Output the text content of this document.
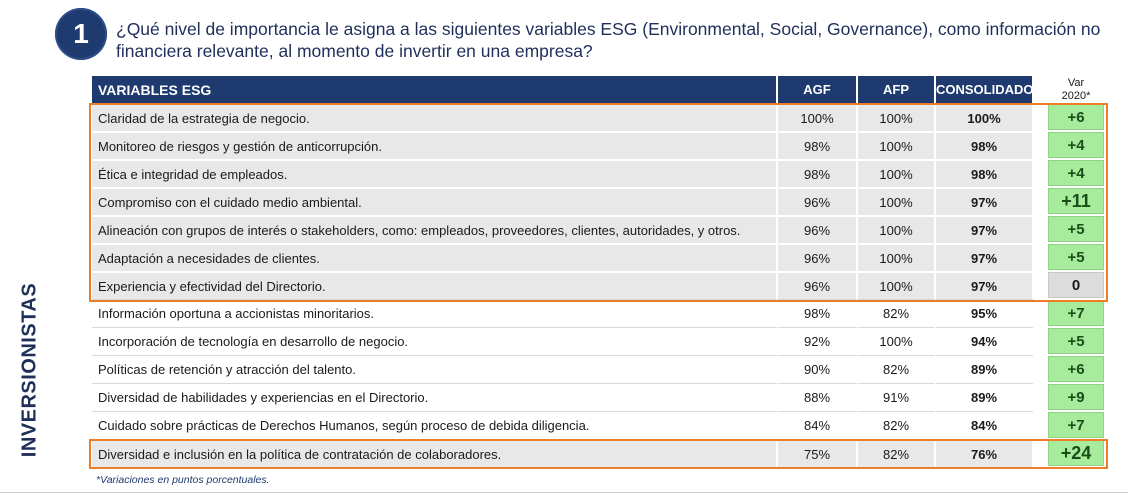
1	¿Qué nivel de importancia le asigna a las siguientes variables ESG (Environmental, Social, Governance), como información no financiera relevante, al momento de invertir en una empresa?
INVERSIONISTAS
VARIABLES ESG	AGF	AFP	CONSOLIDADO		Var
2020*
Claridad de la estrategia de negocio.	100%	100%	100%		+6

Monitoreo de riesgos y gestión de anticorrupción.	98%	100%	98%		+4

Ética e integridad de empleados.	98%	100%	98%		+4

Compromiso con el cuidado medio ambiental.	96%	100%	97%		+11

Alineación con grupos de interés o stakeholders, como: empleados, proveedores, clientes, autoridades, y otros.	96%	100%	97%		+5

Adaptación a necesidades de clientes.	96%	100%	97%		+5

Experiencia y efectividad del Directorio.	96%	100%	97%		0

Información oportuna a accionistas minoritarios.	98%	82%	95%		+7

Incorporación de tecnología en desarrollo de negocio.	92%	100%	94%		+5

Políticas de retención y atracción del talento.	90%	82%	89%		+6

Diversidad de habilidades y experiencias en el Directorio.	88%	91%	89%		+9

Cuidado sobre prácticas de Derechos Humanos, según proceso de debida diligencia.	84%	82%	84%		+7

Diversidad e inclusión en la política de contratación de colaboradores.	75%	82%	76%		+24
*Variaciones en puntos porcentuales.
